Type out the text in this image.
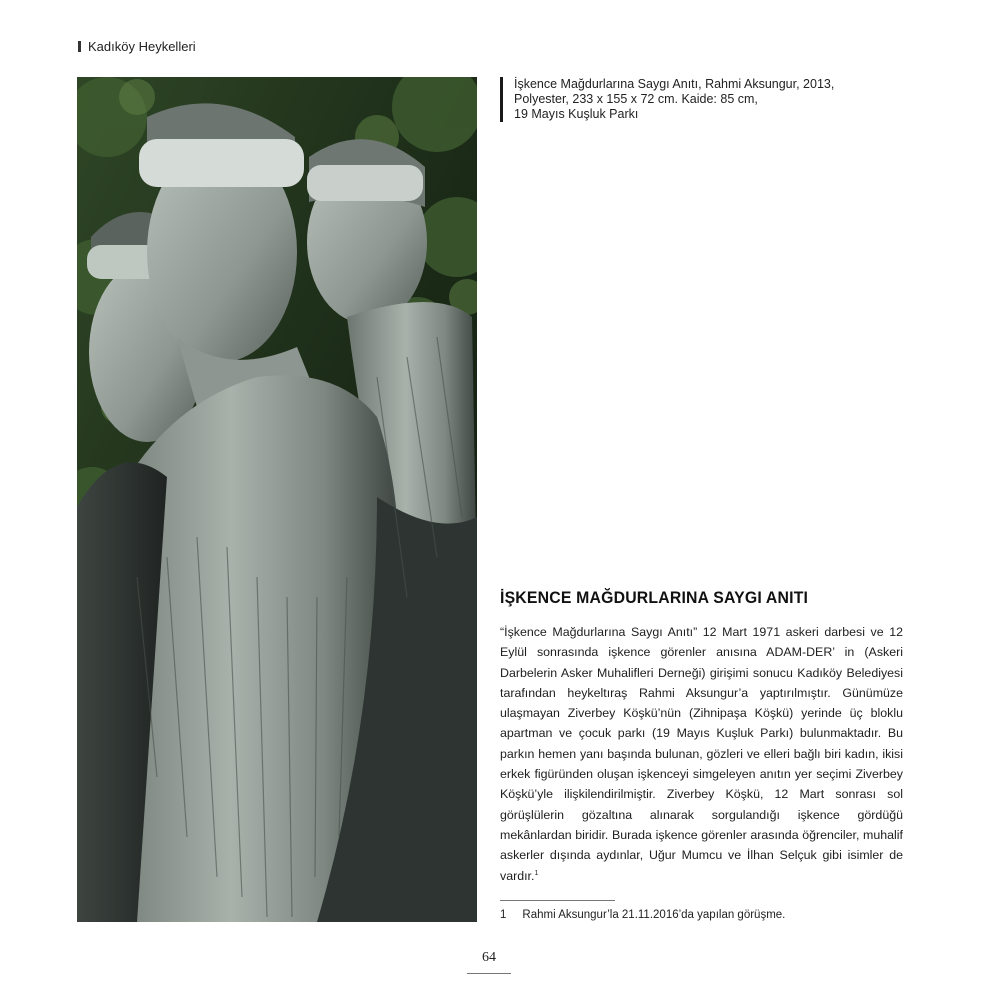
Kadıköy Heykelleri

İşkence Mağdurlarına Saygı Anıtı, Rahmi Aksungur, 2013,

Polyester, 233 x 155 x 72 cm. Kaide: 85 cm,

19 Mayıs Kuşluk Parkı

İŞKENCE MAĞDURLARINA SAYGI ANITI

“İşkence Mağdurlarına Saygı Anıtı” 12 Mart 1971 askeri darbesi ve 12 Eylül sonrasında işkence görenler anısına ADAM-DER’ in (Askeri Darbelerin Asker Muhalifleri Derneği) girişimi sonucu Kadıköy Belediyesi tarafından heykeltıraş Rahmi Aksungur’a yaptırılmıştır. Günümüze ulaşmayan Ziverbey Köşkü’nün (Zihnipaşa Köşkü) yerinde üç bloklu apartman ve çocuk parkı (19 Mayıs Kuşluk Parkı) bulunmaktadır. Bu parkın hemen yanı başında bulunan, gözleri ve elleri bağlı biri kadın, ikisi erkek figüründen oluşan işkenceyi simgeleyen anıtın yer seçimi Ziverbey Köşkü’yle ilişkilendirilmiştir. Ziverbey Köşkü, 12 Mart sonrası sol görüşlülerin gözaltına alınarak sorgulandığı işkence gördüğü mekânlardan biridir. Burada işkence görenler arasında öğrenciler, muhalif askerler dışında aydınlar, Uğur Mumcu ve İlhan Selçuk gibi isimler de vardır.$^1$

1 Rahmi Aksungur’la 21.11.2016’da yapılan görüşme.
64
